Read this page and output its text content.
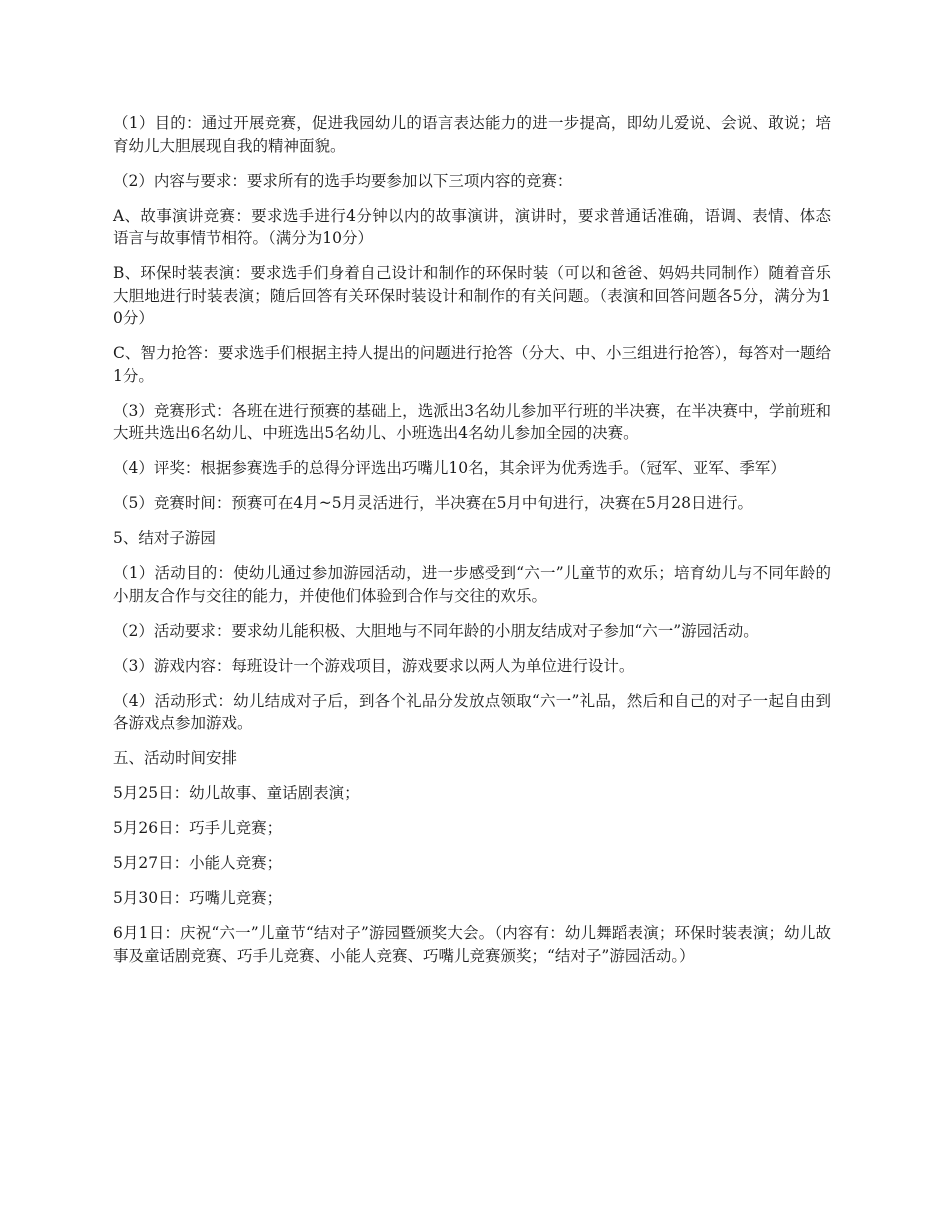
（1）目的：通过开展竞赛，促进我园幼儿的语言表达能力的进一步提高，即幼儿爱说、会说、敢说；培育幼儿大胆展现自我的精神面貌。

（2）内容与要求：要求所有的选手均要参加以下三项内容的竞赛：

A、故事演讲竞赛：要求选手进行4分钟以内的故事演讲，演讲时，要求普通话准确，语调、表情、体态语言与故事情节相符。（满分为10分）

B、环保时装表演：要求选手们身着自己设计和制作的环保时装（可以和爸爸、妈妈共同制作）随着音乐大胆地进行时装表演；随后回答有关环保时装设计和制作的有关问题。（表演和回答问题各5分，满分为10分）

C、智力抢答：要求选手们根据主持人提出的问题进行抢答（分大、中、小三组进行抢答），每答对一题给1分。

（3）竞赛形式：各班在进行预赛的基础上，选派出3名幼儿参加平行班的半决赛，在半决赛中，学前班和大班共选出6名幼儿、中班选出5名幼儿、小班选出4名幼儿参加全园的决赛。

（4）评奖：根据参赛选手的总得分评选出巧嘴儿10名，其余评为优秀选手。（冠军、亚军、季军）

（5）竞赛时间：预赛可在4月~5月灵活进行，半决赛在5月中旬进行，决赛在5月28日进行。

5、结对子游园

（1）活动目的：使幼儿通过参加游园活动，进一步感受到“六一”儿童节的欢乐；培育幼儿与不同年龄的小朋友合作与交往的能力，并使他们体验到合作与交往的欢乐。

（2）活动要求：要求幼儿能积极、大胆地与不同年龄的小朋友结成对子参加“六一”游园活动。

（3）游戏内容：每班设计一个游戏项目，游戏要求以两人为单位进行设计。

（4）活动形式：幼儿结成对子后，到各个礼品分发放点领取“六一”礼品，然后和自己的对子一起自由到各游戏点参加游戏。

五、活动时间安排

5月25日：幼儿故事、童话剧表演；

5月26日：巧手儿竞赛；

5月27日：小能人竞赛；

5月30日：巧嘴儿竞赛；

6月1日：庆祝“六一”儿童节“结对子”游园暨颁奖大会。（内容有：幼儿舞蹈表演；环保时装表演；幼儿故事及童话剧竞赛、巧手儿竞赛、小能人竞赛、巧嘴儿竞赛颁奖；“结对子”游园活动。）
